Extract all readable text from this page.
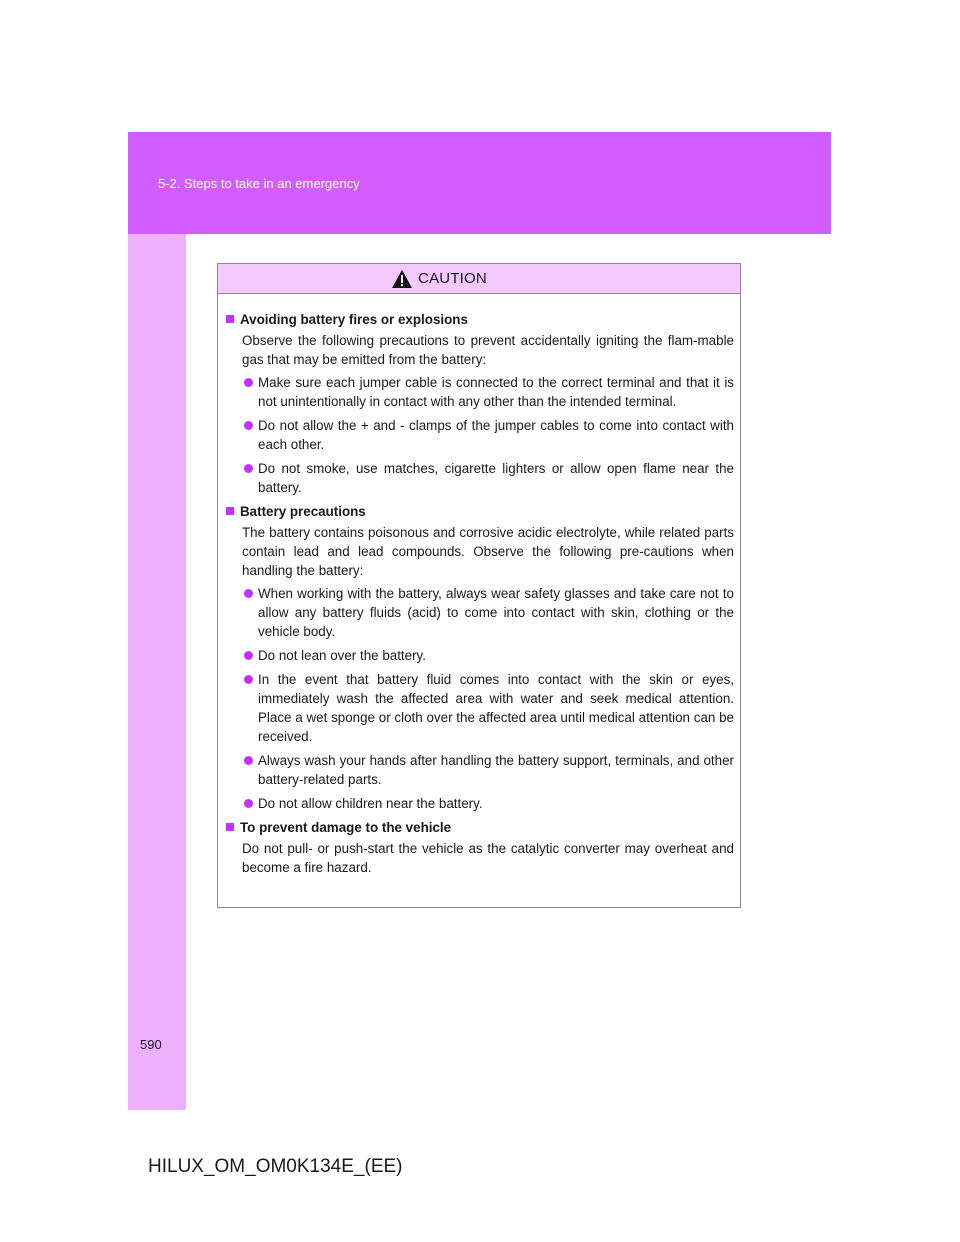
5-2. Steps to take in an emergency
590
CAUTION
Avoiding battery fires or explosions
Observe the following precautions to prevent accidentally igniting the flam-mable gas that may be emitted from the battery:
Make sure each jumper cable is connected to the correct terminal and that it is not unintentionally in contact with any other than the intended terminal.
Do not allow the + and - clamps of the jumper cables to come into contact with each other.
Do not smoke, use matches, cigarette lighters or allow open flame near the battery.
Battery precautions
The battery contains poisonous and corrosive acidic electrolyte, while related parts contain lead and lead compounds. Observe the following pre-cautions when handling the battery:
When working with the battery, always wear safety glasses and take care not to allow any battery fluids (acid) to come into contact with skin, clothing or the vehicle body.
Do not lean over the battery.
In the event that battery fluid comes into contact with the skin or eyes, immediately wash the affected area with water and seek medical attention. Place a wet sponge or cloth over the affected area until medical attention can be received.
Always wash your hands after handling the battery support, terminals, and other battery-related parts.
Do not allow children near the battery.
To prevent damage to the vehicle
Do not pull- or push-start the vehicle as the catalytic converter may overheat and become a fire hazard.
HILUX_OM_OM0K134E_(EE)
